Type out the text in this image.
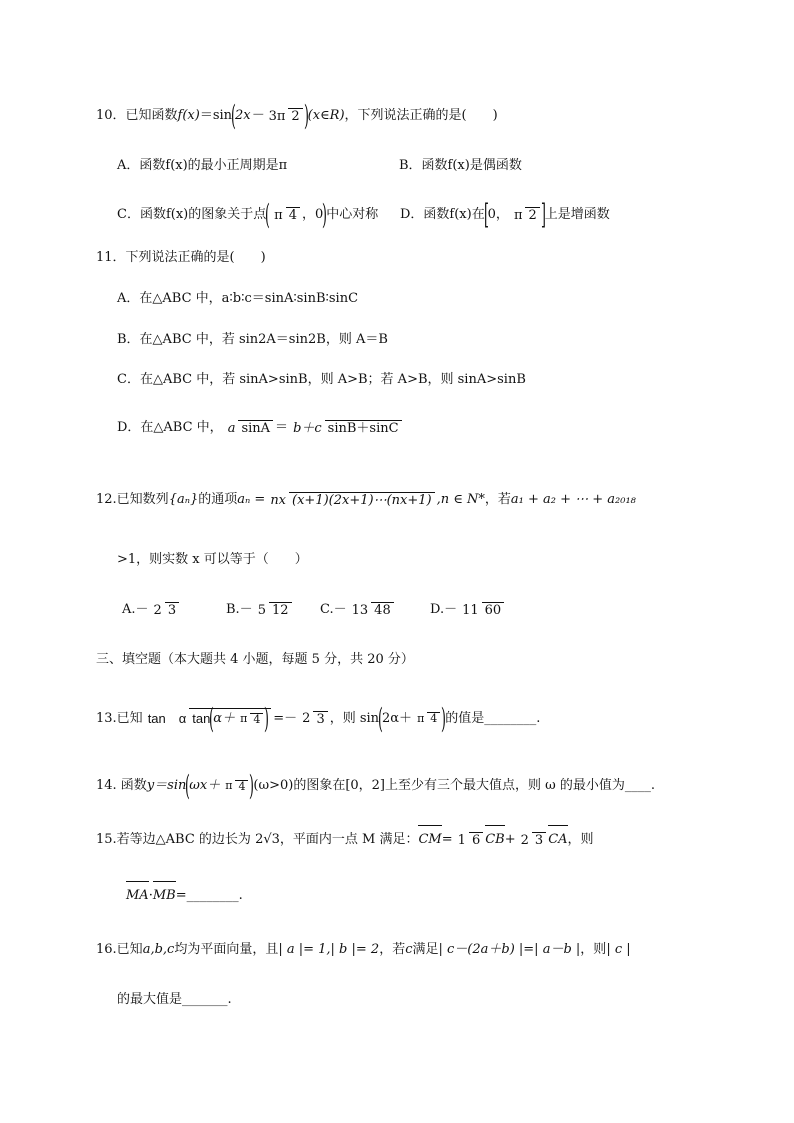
10．已知函数f(x)＝sin(2x－ 3π 2 )(x∈R)，下列说法正确的是(　　)
A．函数f(x)的最小正周期是π	B．函数f(x)是偶函数
C．函数f(x)的图象关于点( π 4 ，0)中心对称 D．函数f(x)在[0， π 2 ]上是增函数
11．下列说法正确的是(　　)
A．在△ABC 中，a∶b∶c＝sinA∶sinB∶sinC
B．在△ABC 中，若 sin2A＝sin2B，则 A＝B
C．在△ABC 中，若 sinA>sinB，则 A>B；若 A>B，则 sinA>sinB
D．在△ABC 中， a sinA ＝ b＋c sinB＋sinC
12.已知数列{aₙ}的通项aₙ = nx (x+1)(2x+1)⋯(nx+1) ,n ∈ N*，若a₁ + a₂ + ⋯ + a₂₀₁₈
>1，则实数 x 可以等于（　　）
A.－ 2 3	B.－ 5 12	C.－ 13 48	D.－ 11 60
三、填空题（本大题共 4 小题，每题 5 分，共 20 分）
13.已知 tan　α tan(α＋ π 4 ) =－ 2 3 ，则 sin(2α＋ π 4 )的值是________.
14. 函数y＝sin(ωx＋ π 4 )(ω>0)的图象在[0，2]上至少有三个最大值点，则 ω 的最小值为____.
15.若等边△ABC 的边长为 2√3，平面内一点 M 满足：CM= 1 6 CB+ 2 3 CA，则
MA·MB=________.
16.已知a,b,c均为平面向量，且| a |= 1,| b |= 2，若c满足| c－(2a＋b) |=| a－b |，则| c |
的最大值是_______.
